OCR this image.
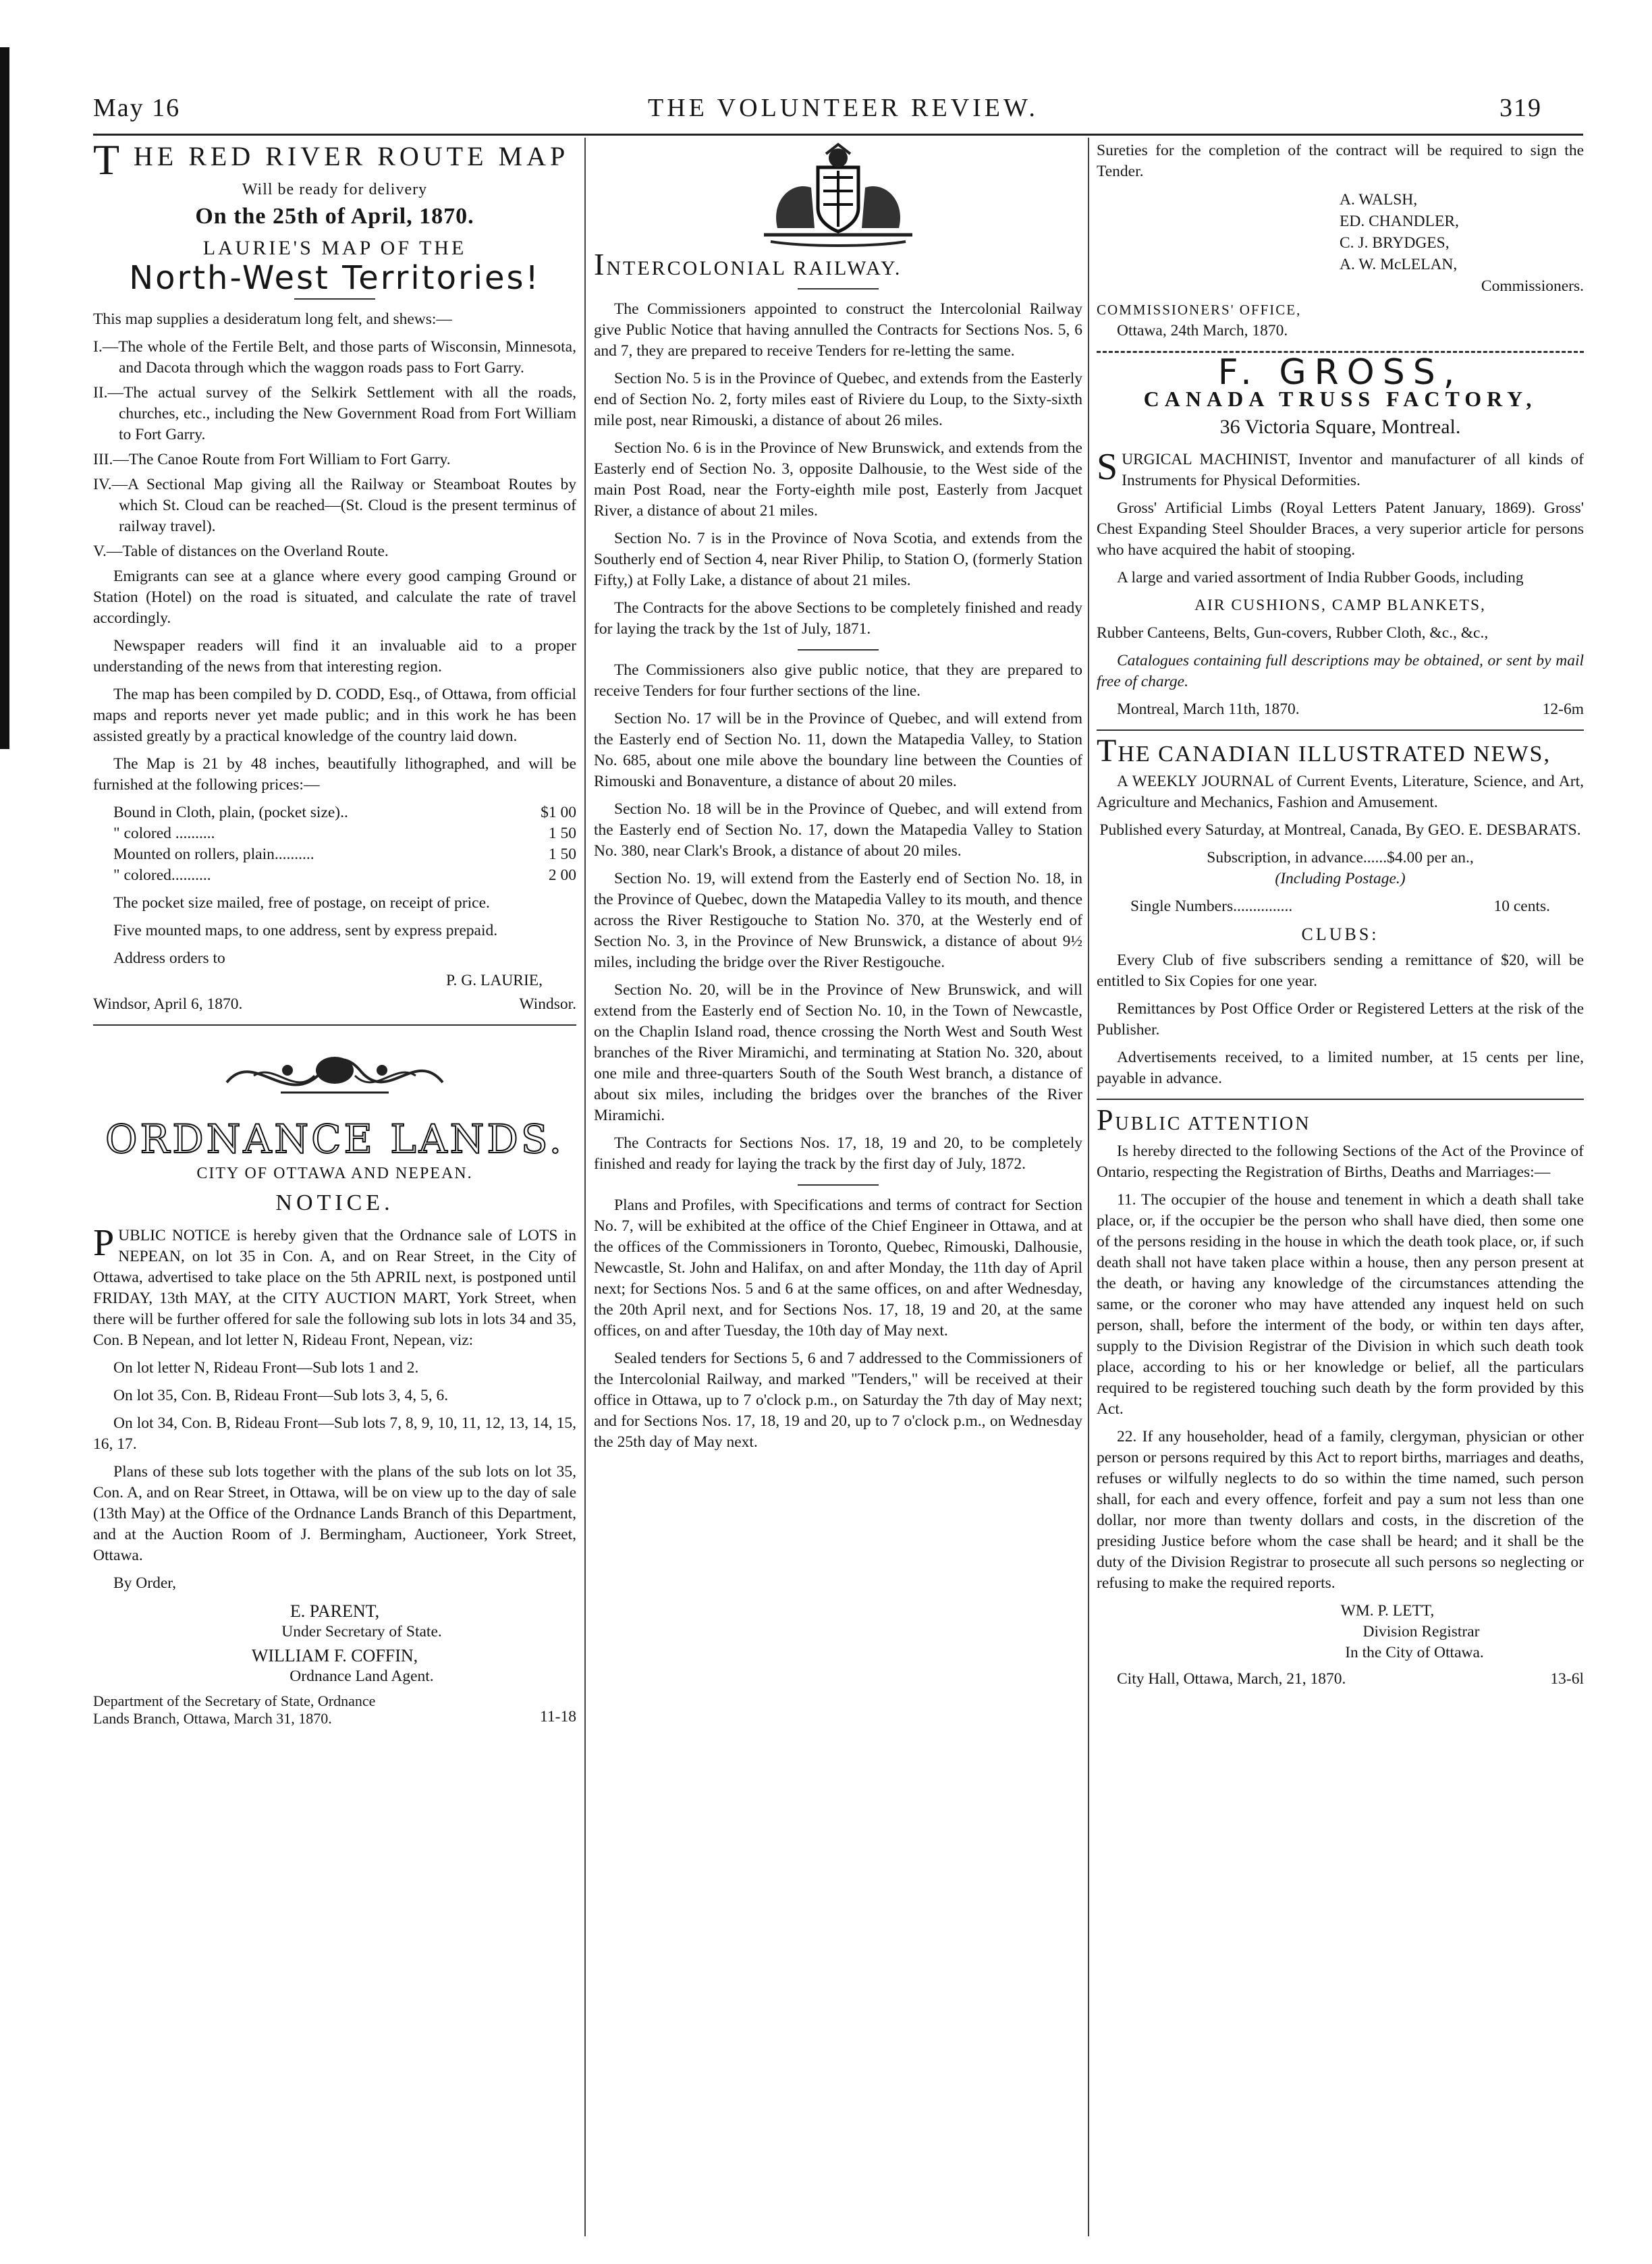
May 16	THE VOLUNTEER REVIEW.	319
THE RED RIVER ROUTE MAP
Will be ready for delivery
On the 25th of April, 1870.
LAURIE'S MAP OF THE
North-West Territories!

This map supplies a desideratum long felt, and shews:—

I.—The whole of the Fertile Belt, and those parts of Wisconsin, Minnesota, and Dacota through which the waggon roads pass to Fort Garry.

II.—The actual survey of the Selkirk Settlement with all the roads, churches, etc., including the New Government Road from Fort William to Fort Garry.

III.—The Canoe Route from Fort William to Fort Garry.

IV.—A Sectional Map giving all the Railway or Steamboat Routes by which St. Cloud can be reached—(St. Cloud is the present terminus of railway travel).

V.—Table of distances on the Overland Route.

Emigrants can see at a glance where every good camping Ground or Station (Hotel) on the road is situated, and calculate the rate of travel accordingly.

Newspaper readers will find it an invaluable aid to a proper understanding of the news from that interesting region.

The map has been compiled by D. CODD, Esq., of Ottawa, from official maps and reports never yet made public; and in this work he has been assisted greatly by a practical knowledge of the country laid down.

The Map is 21 by 48 inches, beautifully lithographed, and will be furnished at the following prices:—

Bound in Cloth, plain, (pocket size)..	$1 00
" colored ..........	1 50
Mounted on rollers, plain..........	1 50
" colored..........	2 00

The pocket size mailed, free of postage, on receipt of price.

Five mounted maps, to one address, sent by express prepaid.

Address orders to

P. G. LAURIE,

Windsor, April 6, 1870.	Windsor.
ORDNANCE LANDS.
CITY OF OTTAWA AND NEPEAN.
NOTICE.

PUBLIC NOTICE is hereby given that the Ordnance sale of LOTS in NEPEAN, on lot 35 in Con. A, and on Rear Street, in the City of Ottawa, advertised to take place on the 5th APRIL next, is postponed until FRIDAY, 13th MAY, at the CITY AUCTION MART, York Street, when there will be further offered for sale the following sub lots in lots 34 and 35, Con. B Nepean, and lot letter N, Rideau Front, Nepean, viz:

On lot letter N, Rideau Front—Sub lots 1 and 2.

On lot 35, Con. B, Rideau Front—Sub lots 3, 4, 5, 6.

On lot 34, Con. B, Rideau Front—Sub lots 7, 8, 9, 10, 11, 12, 13, 14, 15, 16, 17.

Plans of these sub lots together with the plans of the sub lots on lot 35, Con. A, and on Rear Street, in Ottawa, will be on view up to the day of sale (13th May) at the Office of the Ordnance Lands Branch of this Department, and at the Auction Room of J. Bermingham, Auctioneer, York Street, Ottawa.

By Order,

E. PARENT,

Under Secretary of State.

WILLIAM F. COFFIN,

Ordnance Land Agent.

Department of the Secretary of State, Ordnance Lands Branch, Ottawa, March 31, 1870.	11-18
INTERCOLONIAL RAILWAY.

The Commissioners appointed to construct the Intercolonial Railway give Public Notice that having annulled the Contracts for Sections Nos. 5, 6 and 7, they are prepared to receive Tenders for re-letting the same.

Section No. 5 is in the Province of Quebec, and extends from the Easterly end of Section No. 2, forty miles east of Riviere du Loup, to the Sixty-sixth mile post, near Rimouski, a distance of about 26 miles.

Section No. 6 is in the Province of New Brunswick, and extends from the Easterly end of Section No. 3, opposite Dalhousie, to the West side of the main Post Road, near the Forty-eighth mile post, Easterly from Jacquet River, a distance of about 21 miles.

Section No. 7 is in the Province of Nova Scotia, and extends from the Southerly end of Section 4, near River Philip, to Station O, (formerly Station Fifty,) at Folly Lake, a distance of about 21 miles.

The Contracts for the above Sections to be completely finished and ready for laying the track by the 1st of July, 1871.

The Commissioners also give public notice, that they are prepared to receive Tenders for four further sections of the line.

Section No. 17 will be in the Province of Quebec, and will extend from the Easterly end of Section No. 11, down the Matapedia Valley, to Station No. 685, about one mile above the boundary line between the Counties of Rimouski and Bonaventure, a distance of about 20 miles.

Section No. 18 will be in the Province of Quebec, and will extend from the Easterly end of Section No. 17, down the Matapedia Valley to Station No. 380, near Clark's Brook, a distance of about 20 miles.

Section No. 19, will extend from the Easterly end of Section No. 18, in the Province of Quebec, down the Matapedia Valley to its mouth, and thence across the River Restigouche to Station No. 370, at the Westerly end of Section No. 3, in the Province of New Brunswick, a distance of about 9½ miles, including the bridge over the River Restigouche.

Section No. 20, will be in the Province of New Brunswick, and will extend from the Easterly end of Section No. 10, in the Town of Newcastle, on the Chaplin Island road, thence crossing the North West and South West branches of the River Miramichi, and terminating at Station No. 320, about one mile and three-quarters South of the South West branch, a distance of about six miles, including the bridges over the branches of the River Miramichi.

The Contracts for Sections Nos. 17, 18, 19 and 20, to be completely finished and ready for laying the track by the first day of July, 1872.

Plans and Profiles, with Specifications and terms of contract for Section No. 7, will be exhibited at the office of the Chief Engineer in Ottawa, and at the offices of the Commissioners in Toronto, Quebec, Rimouski, Dalhousie, Newcastle, St. John and Halifax, on and after Monday, the 11th day of April next; for Sections Nos. 5 and 6 at the same offices, on and after Wednesday, the 20th April next, and for Sections Nos. 17, 18, 19 and 20, at the same offices, on and after Tuesday, the 10th day of May next.

Sealed tenders for Sections 5, 6 and 7 addressed to the Commissioners of the Intercolonial Railway, and marked "Tenders," will be received at their office in Ottawa, up to 7 o'clock p.m., on Saturday the 7th day of May next; and for Sections Nos. 17, 18, 19 and 20, up to 7 o'clock p.m., on Wednesday the 25th day of May next.

Sureties for the completion of the contract will be required to sign the Tender.

A. WALSH,
ED. CHANDLER,
C. J. BRYDGES,
A. W. McLELAN,
Commissioners.

COMMISSIONERS' OFFICE,

Ottawa, 24th March, 1870.

F. GROSS,
CANADA TRUSS FACTORY,
36 Victoria Square, Montreal.

SURGICAL MACHINIST, Inventor and manufacturer of all kinds of Instruments for Physical Deformities.

Gross' Artificial Limbs (Royal Letters Patent January, 1869). Gross' Chest Expanding Steel Shoulder Braces, a very superior article for persons who have acquired the habit of stooping.

A large and varied assortment of India Rubber Goods, including

AIR CUSHIONS, CAMP BLANKETS,

Rubber Canteens, Belts, Gun-covers, Rubber Cloth, &c., &c.,

Catalogues containing full descriptions may be obtained, or sent by mail free of charge.

Montreal, March 11th, 1870.	12-6m
THE CANADIAN ILLUSTRATED NEWS,

A WEEKLY JOURNAL of Current Events, Literature, Science, and Art, Agriculture and Mechanics, Fashion and Amusement.

Published every Saturday, at Montreal, Canada, By GEO. E. DESBARATS.

Subscription, in advance......$4.00 per an.,

(Including Postage.)

Single Numbers...............	10 cents.
CLUBS:

Every Club of five subscribers sending a remittance of $20, will be entitled to Six Copies for one year.

Remittances by Post Office Order or Registered Letters at the risk of the Publisher.

Advertisements received, to a limited number, at 15 cents per line, payable in advance.

PUBLIC ATTENTION

Is hereby directed to the following Sections of the Act of the Province of Ontario, respecting the Registration of Births, Deaths and Marriages:—

11. The occupier of the house and tenement in which a death shall take place, or, if the occupier be the person who shall have died, then some one of the persons residing in the house in which the death took place, or, if such death shall not have taken place within a house, then any person present at the death, or having any knowledge of the circumstances attending the same, or the coroner who may have attended any inquest held on such person, shall, before the interment of the body, or within ten days after, supply to the Division Registrar of the Division in which such death took place, according to his or her knowledge or belief, all the particulars required to be registered touching such death by the form provided by this Act.

22. If any householder, head of a family, clergyman, physician or other person or persons required by this Act to report births, marriages and deaths, refuses or wilfully neglects to do so within the time named, such person shall, for each and every offence, forfeit and pay a sum not less than one dollar, nor more than twenty dollars and costs, in the discretion of the presiding Justice before whom the case shall be heard; and it shall be the duty of the Division Registrar to prosecute all such persons so neglecting or refusing to make the required reports.

WM. P. LETT,

Division Registrar

In the City of Ottawa.

City Hall, Ottawa, March, 21, 1870.	13-6l
